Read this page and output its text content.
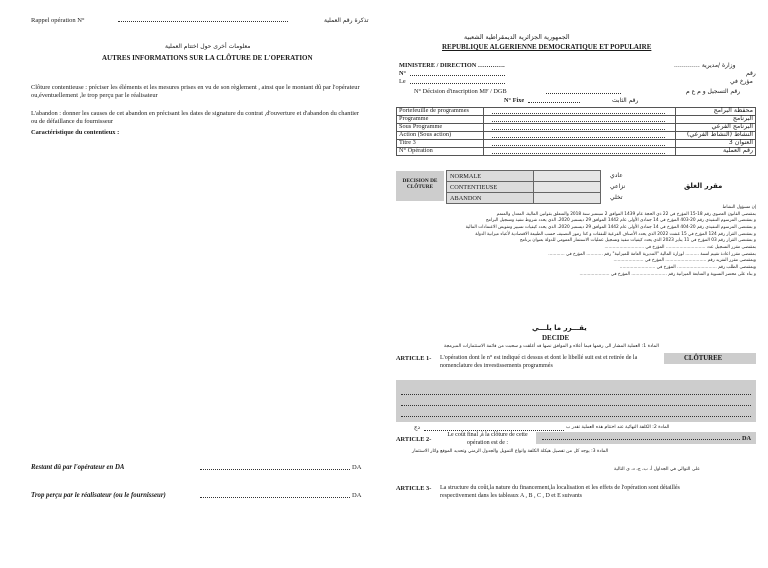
Rappel opération N°	تذكرة رقم العملية
معلومات أخرى حول اختتام العملية
AUTRES INFORMATIONS SUR LA CLÔTURE DE L'OPERATION
Clôture contentieuse : préciser les éléments et les mesures prises en vu de son règlement , ainsi que le montant dû par l'opérateur ou,éventuellement ,le trop perçu par le réalisateur
L'abandon : donner les causes de cet abandon en précisant les dates de signature du contrat ,d'ouverture et d'abandon du chantier ou de défaillance du fournisseur
Caractéristique du contentieux :
Restant dû par l'opérateur en DA	DA
Trop perçu par le réalisateur (ou le fournisseur)	DA
الجمهورية الجزائرية الديمقراطية الشعبية
REPUBLIQUE ALGERIENNE DEMOCRATIQUE ET POPULAIRE
MINISTERE / DIRECTION ………….	وزارة /مديرية ………….
N°	رقم
Le	مؤرخ في
N° Décision d'inscription MF / DGB	رقم التسجيل و م ع م
N° Fixe	رقم الثابت
Portefeuille de programmes		محفظة البرامج
Programme		البرنامج
Sous Programme		البرنامج الفرعي
Action (Sous action)		النشاط (النشاط الفرعي)
Titre 3		العنوان 3
N° Opération		رقم العملية
DECISION DE CLÔTURE
NORMALE	
CONTENTIEUSE	
ABANDON	
عادي
نزاعي
تخلي
مقرر الغلق
إن مسؤول النشاط
بمقتضى القانون العضوي رقم 18-15 المؤرخ في 22 ذي الحجة عام 1439 الموافق 2 سبتمبر سنة 2018 والمتعلق بقوانين المالية، المعدل والمتمم
و بمقتضى المرسوم التنفيذي رقم 20-403 المؤرخ في 14 جمادى الأولى عام 1442 الموافق 29 ديسمبر 2020، الذي يحدد شروط تنفيذ وتسجيل البرامج
و بمقتضى المرسوم التنفيذي رقم 20-404 المؤرخ في 14 جمادى الأولى عام 1442 الموافق 29 ديسمبر 2020، الذي يحدد كيفيات تسيير وتفويض الاعتمادات المالية
و بمقتضى القرار رقم 124 المؤرخ في 15 غشت 2022 الذي يحدد الأصناف الفرعية للنفقات و كذا رموز التصنيف حسب الطبيعة الاقتصادية لأعباء ميزانية الدولة
و بمقتضى القرار رقم 03 المؤرخ في 11 يناير 2023 الذي يحدد كيفيات تنفيذ وتسجيل عمليات الاستثمار العمومي للدولة بعنوان برنامج
بمقتضى مقرر التسجيل عدد ............................. المؤرخ في .............................
بمقتضى مقرر اعادة تقييم لسنة .......... لوزارة المالية "المديرية العامة للميزانية" رقم ............ المؤرخ في ............
وبمقتضى مقرر التفريد رقم .............................. المؤرخ في ......................
وبمقتضى الطلب رقم ............................. المؤرخ في ..........................
و بناء على محضر التسوية و المتابعة الميزانية رقم .......................... المؤرخ في ......................
يقـــرر ما يلـــي
DECIDE
المادة 1: العملية المشار الى رقمها فيما أعلاه و الموافق نصها قد أغلقت و سحبت من قائمة الاستثمارات المبرمجة
ARTICLE 1- L'opération dont le n° est indiqué ci dessus et dont le libellé suit est et retirée de la nomenclature des investissements programmés
CLÔTUREE
المادة 2: الكلفة النهائية عند اختتام هذه العملية تقدر ب
دج
ARTICLE 2-
Le coût final ,à la clôture de cette opération est de :
DA
المادة 3: يوجد كل من تفصيل هيكلة الكلفة وانواع التمويل والجدول الزمني وتحديد الموقع واثار الاستثمار
على التوالي في الجداول أ، ب، ج، د، ي التالية
ARTICLE 3- La structure du coût,la nature du financement,la localisation et les effets de l'opération sont détaillés respectivement dans les tableaux A , B , C , D et E suivants
